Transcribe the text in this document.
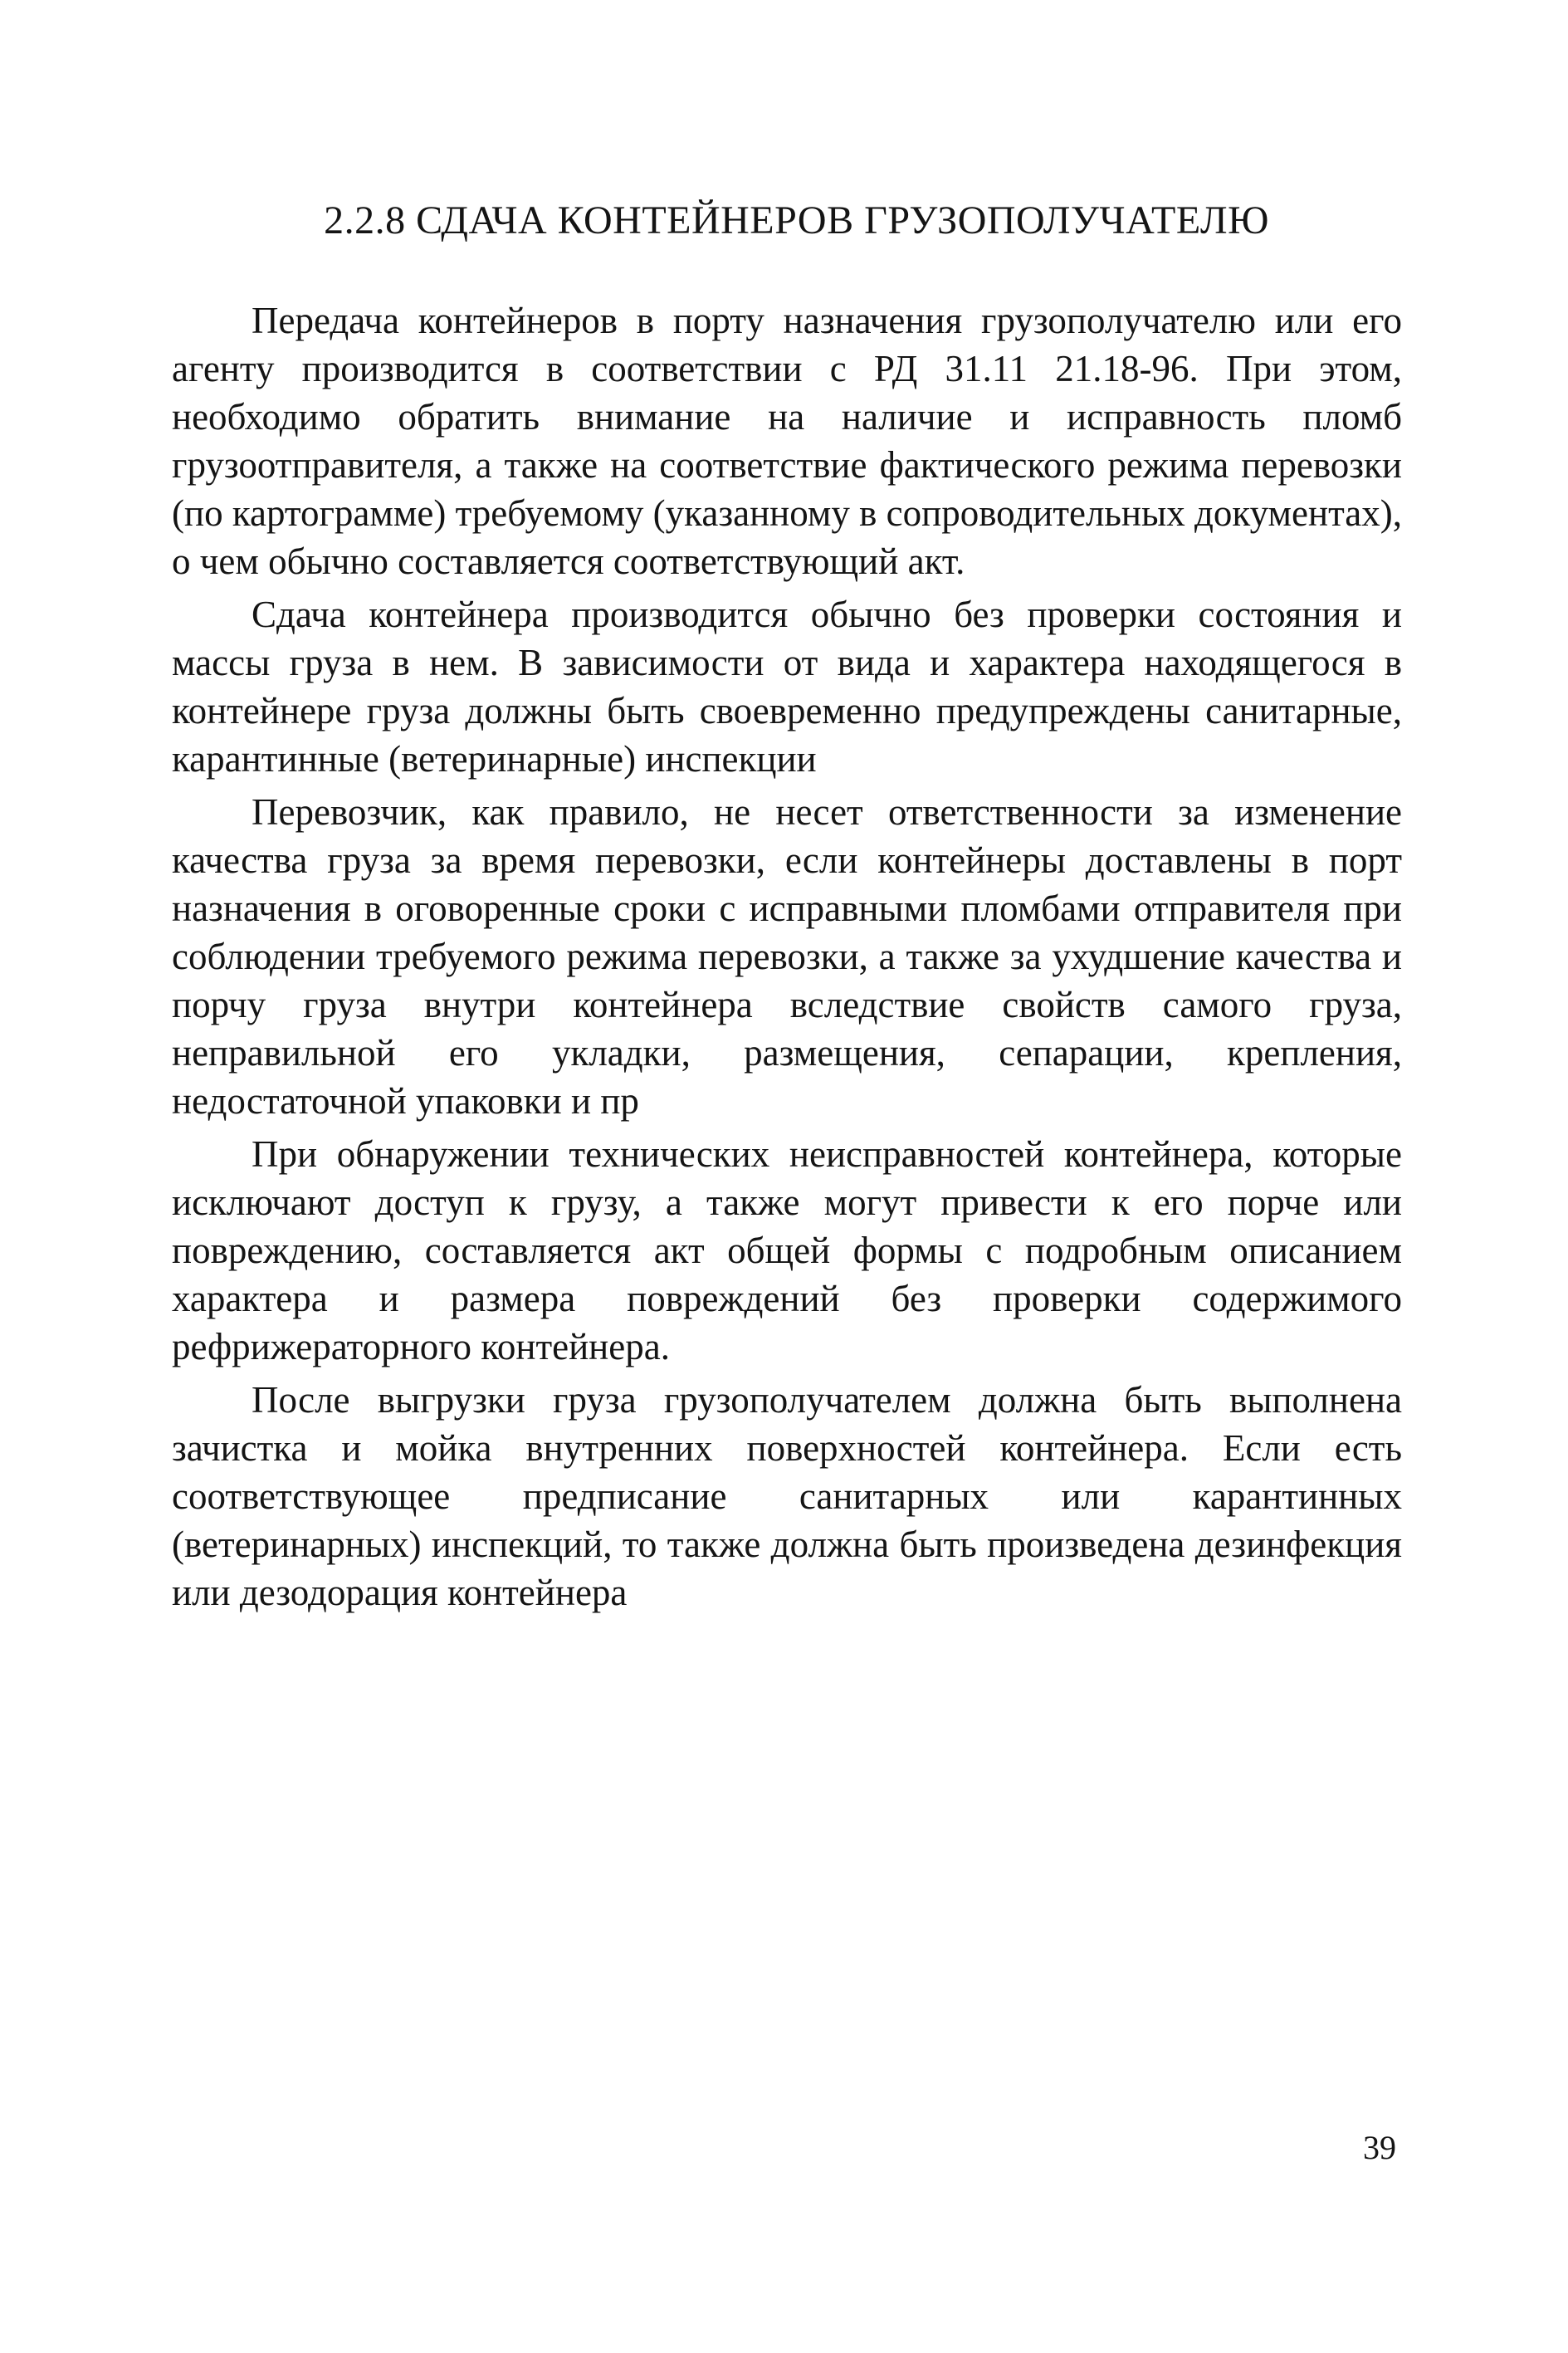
2.2.8 СДАЧА КОНТЕЙНЕРОВ ГРУЗОПОЛУЧАТЕЛЮ

Передача контейнеров в порту назначения грузополучателю или его агенту производится в соответствии с РД 31.11 21.18-96. При этом, необходимо обратить внимание на наличие и исправность пломб грузоотправителя, а также на соответствие фактического режима перевозки (по картограмме) требуемому (указанному в сопроводительных документах), о чем обычно составляется соответствующий акт.

Сдача контейнера производится обычно без проверки состояния и массы груза в нем. В зависимости от вида и характера находящегося в контейнере груза должны быть своевременно предупреждены санитарные, карантинные (ветеринарные) инспекции

Перевозчик, как правило, не несет ответственности за изменение качества груза за время перевозки, если контейнеры доставлены в порт назначения в оговоренные сроки с исправными пломбами отправителя при соблюдении требуемого режима перевозки, а также за ухудшение качества и порчу груза внутри контейнера вследствие свойств самого груза, неправильной его укладки, размещения, сепарации, крепления, недостаточной упаковки и пр

При обнаружении технических неисправностей контейнера, которые исключают доступ к грузу, а также могут привести к его порче или повреждению, составляется акт общей формы с подробным описанием характера и размера повреждений без проверки содержимого рефрижераторного контейнера.

После выгрузки груза грузополучателем должна быть выполнена зачистка и мойка внутренних поверхностей контейнера. Если есть соответствующее предписание санитарных или карантинных (ветеринарных) инспекций, то также должна быть произведена дезинфекция или дезодорация контейнера

39
